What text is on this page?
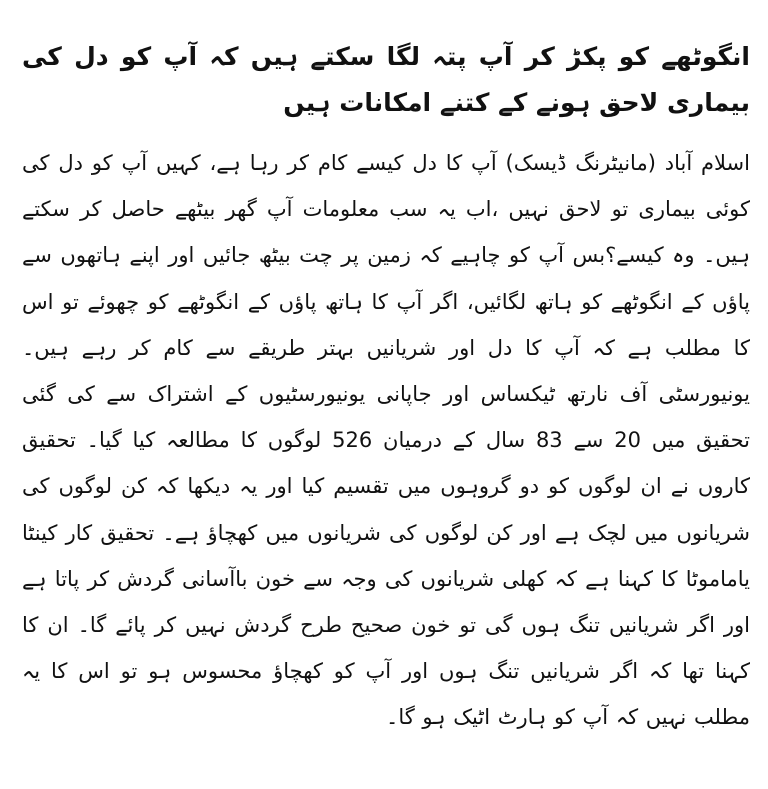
انگوٹھے کو پکڑ کر آپ پتہ لگا سکتے ہیں کہ آپ کو دل کی بیماری لاحق ہونے کے کتنے امکانات ہیں

اسلام آباد (مانیٹرنگ ڈیسک) آپ کا دل کیسے کام کر رہا ہے، کہیں آپ کو دل کی کوئی بیماری تو لاحق نہیں ،اب یہ سب معلومات آپ گھر بیٹھے حاصل کر سکتے ہیں۔ وہ کیسے؟بس آپ کو چاہیے کہ زمین پر چت بیٹھ جائیں اور اپنے ہاتھوں سے پاؤں کے انگوٹھے کو ہاتھ لگائیں، اگر آپ کا ہاتھ پاؤں کے انگوٹھے کو چھوئے تو اس کا مطلب ہے کہ آپ کا دل اور شریانیں بہتر طریقے سے کام کر رہے ہیں۔ یونیورسٹی آف نارتھ ٹیکساس اور جاپانی یونیورسٹیوں کے اشتراک سے کی گئی تحقیق میں 20 سے 83 سال کے درمیان 526 لوگوں کا مطالعہ کیا گیا۔ تحقیق کاروں نے ان لوگوں کو دو گروہوں میں تقسیم کیا اور یہ دیکھا کہ کن لوگوں کی شریانوں میں لچک ہے اور کن لوگوں کی شریانوں میں کھچاؤ ہے۔ تحقیق کار کینٹا یاماموٹا کا کہنا ہے کہ کھلی شریانوں کی وجہ سے خون باآسانی گردش کر پاتا ہے اور اگر شریانیں تنگ ہوں گی تو خون صحیح طرح گردش نہیں کر پائے گا۔ ان کا کہنا تھا کہ اگر شریانیں تنگ ہوں اور آپ کو کھچاؤ محسوس ہو تو اس کا یہ مطلب نہیں کہ آپ کو ہارٹ اٹیک ہو گا۔
